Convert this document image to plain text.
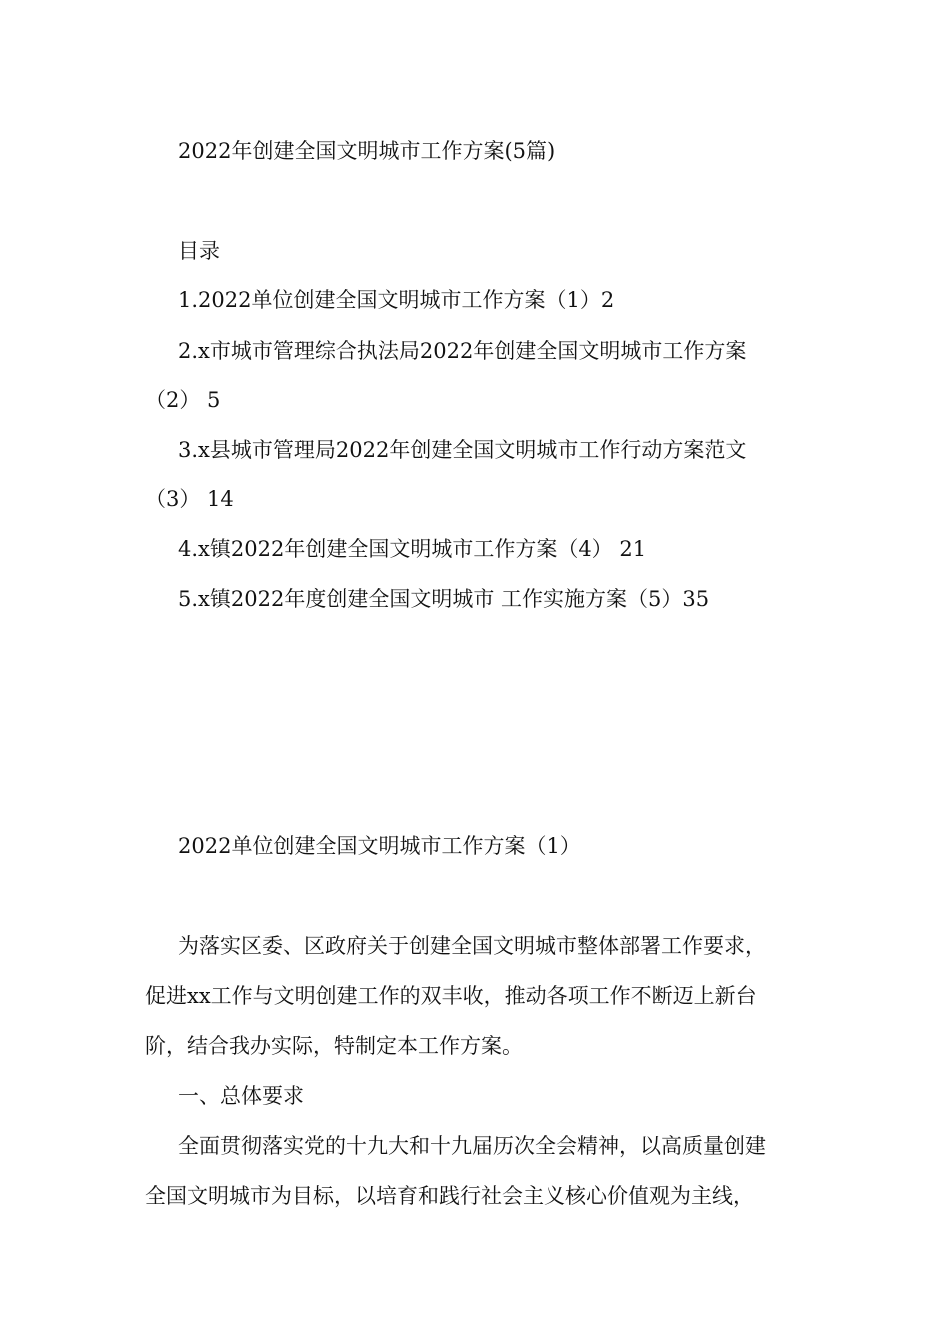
2022年创建全国文明城市工作方案(5篇)
目录
1.2022单位创建全国文明城市工作方案（1）2
2.x市城市管理综合执法局2022年创建全国文明城市工作方案
（2） 5
3.x县城市管理局2022年创建全国文明城市工作行动方案范文
（3） 14
4.x镇2022年创建全国文明城市工作方案（4） 21
5.x镇2022年度创建全国文明城市 工作实施方案（5）35
2022单位创建全国文明城市工作方案（1）
为落实区委、区政府关于创建全国文明城市整体部署工作要求，
促进xx工作与文明创建工作的双丰收，推动各项工作不断迈上新台
阶，结合我办实际，特制定本工作方案。
一、总体要求
全面贯彻落实党的十九大和十九届历次全会精神，以高质量创建
全国文明城市为目标，以培育和践行社会主义核心价值观为主线，
